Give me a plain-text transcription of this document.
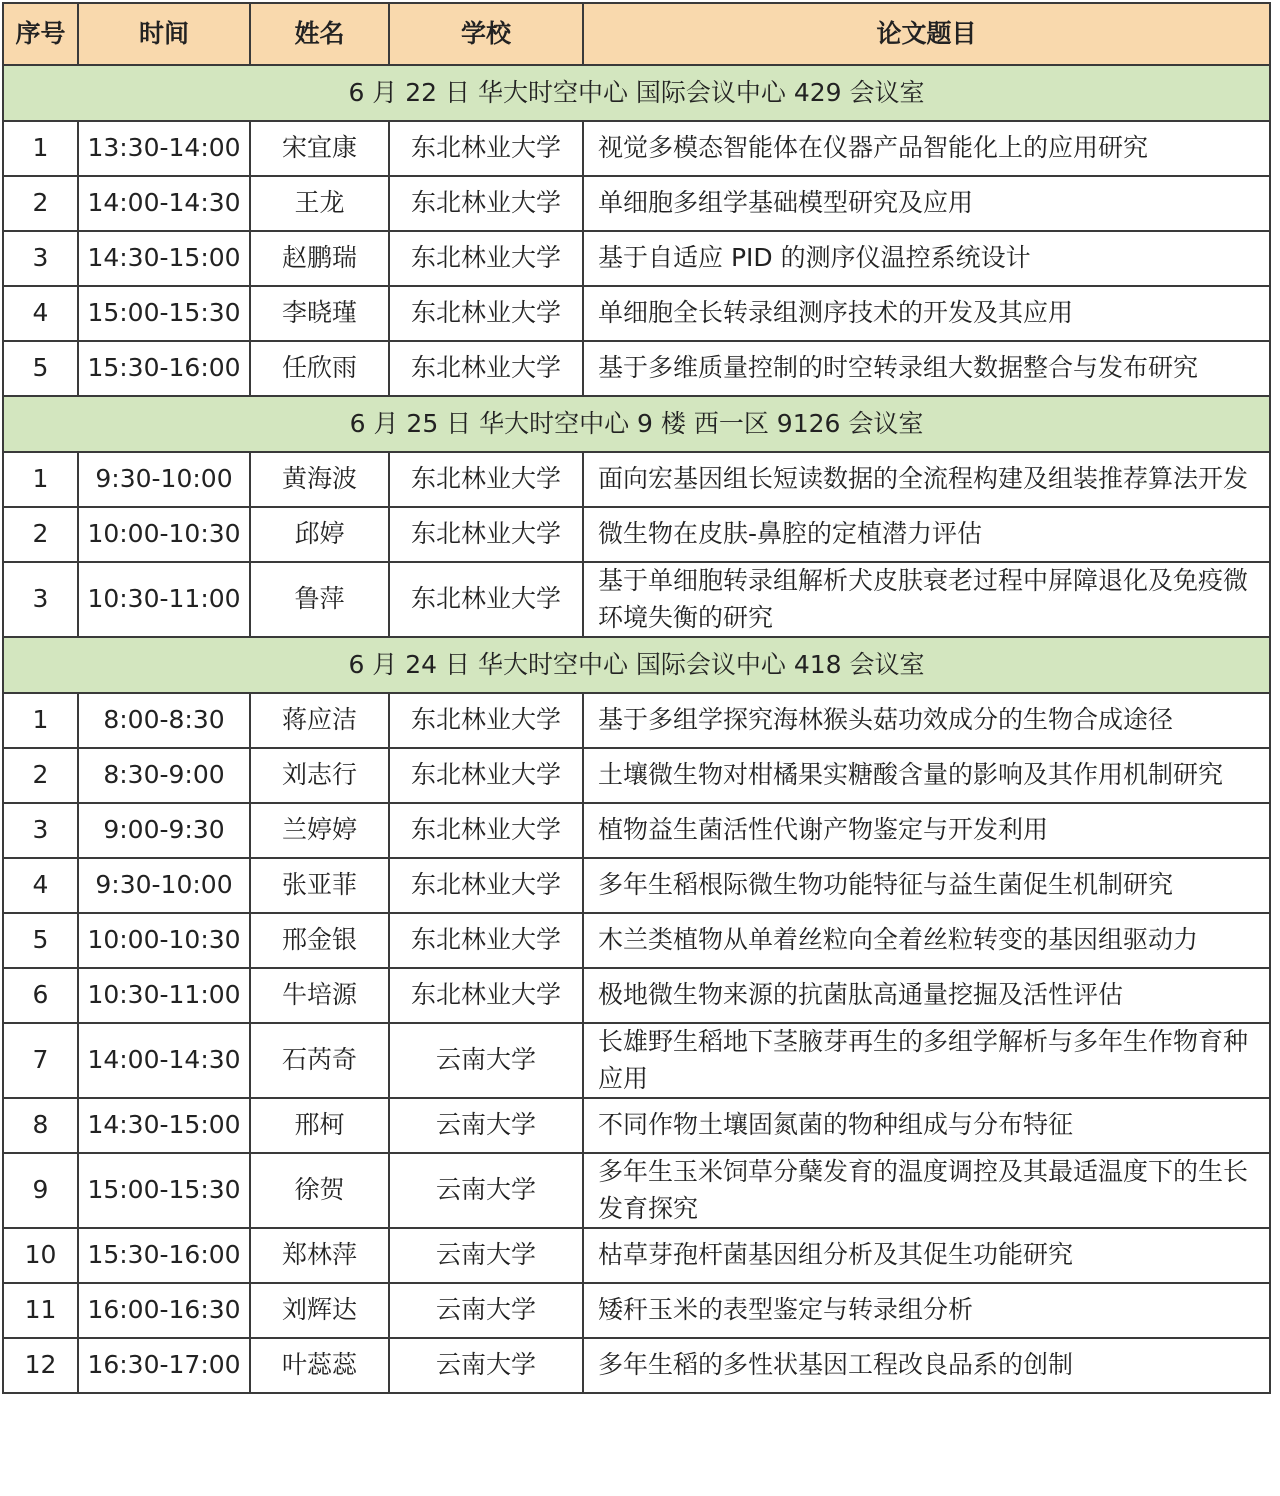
序号	时间	姓名	学校	论文题目
6 月 22 日 华大时空中心 国际会议中心 429 会议室				
1	13:30-14:00	宋宜康	东北林业大学	视觉多模态智能体在仪器产品智能化上的应用研究
2	14:00-14:30	王龙	东北林业大学	单细胞多组学基础模型研究及应用
3	14:30-15:00	赵鹏瑞	东北林业大学	基于自适应 PID 的测序仪温控系统设计
4	15:00-15:30	李晓瑾	东北林业大学	单细胞全长转录组测序技术的开发及其应用
5	15:30-16:00	任欣雨	东北林业大学	基于多维质量控制的时空转录组大数据整合与发布研究
6 月 25 日 华大时空中心 9 楼 西一区 9126 会议室				
1	9:30-10:00	黄海波	东北林业大学	面向宏基因组长短读数据的全流程构建及组装推荐算法开发
2	10:00-10:30	邱婷	东北林业大学	微生物在皮肤-鼻腔的定植潜力评估
3	10:30-11:00	鲁萍	东北林业大学	基于单细胞转录组解析犬皮肤衰老过程中屏障退化及免疫微环境失衡的研究
6 月 24 日 华大时空中心 国际会议中心 418 会议室				
1	8:00-8:30	蒋应洁	东北林业大学	基于多组学探究海林猴头菇功效成分的生物合成途径
2	8:30-9:00	刘志行	东北林业大学	土壤微生物对柑橘果实糖酸含量的影响及其作用机制研究
3	9:00-9:30	兰婷婷	东北林业大学	植物益生菌活性代谢产物鉴定与开发利用
4	9:30-10:00	张亚菲	东北林业大学	多年生稻根际微生物功能特征与益生菌促生机制研究
5	10:00-10:30	邢金银	东北林业大学	木兰类植物从单着丝粒向全着丝粒转变的基因组驱动力
6	10:30-11:00	牛培源	东北林业大学	极地微生物来源的抗菌肽高通量挖掘及活性评估
7	14:00-14:30	石芮奇	云南大学	长雄野生稻地下茎腋芽再生的多组学解析与多年生作物育种应用
8	14:30-15:00	邢柯	云南大学	不同作物土壤固氮菌的物种组成与分布特征
9	15:00-15:30	徐贺	云南大学	多年生玉米饲草分蘖发育的温度调控及其最适温度下的生长发育探究
10	15:30-16:00	郑林萍	云南大学	枯草芽孢杆菌基因组分析及其促生功能研究
11	16:00-16:30	刘辉达	云南大学	矮秆玉米的表型鉴定与转录组分析
12	16:30-17:00	叶蕊蕊	云南大学	多年生稻的多性状基因工程改良品系的创制
